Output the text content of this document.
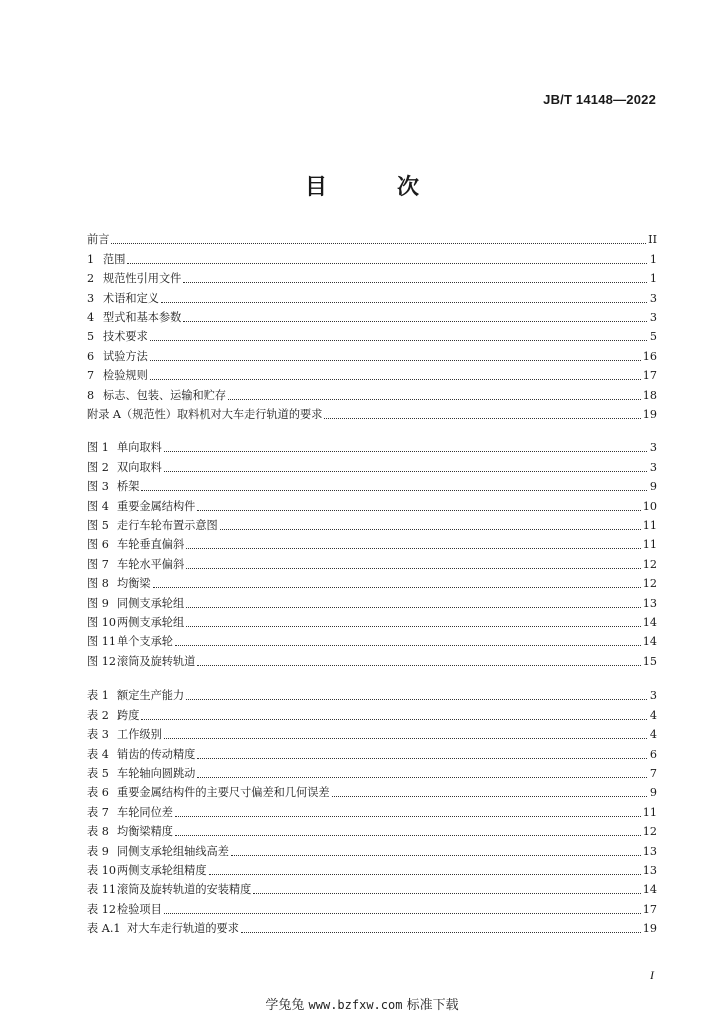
JB/T 14148—2022
目　次
前言	II
1 范围	1
2 规范性引用文件	1
3 术语和定义	3
4 型式和基本参数	3
5 技术要求	5
6 试验方法	16
7 检验规则	17
8 标志、包装、运输和贮存	18
附录 A（规范性）取料机对大车走行轨道的要求	19
图 1 单向取料	3
图 2 双向取料	3
图 3 桥架	9
图 4 重要金属结构件	10
图 5 走行车轮布置示意图	11
图 6 车轮垂直偏斜	11
图 7 车轮水平偏斜	12
图 8 均衡梁	12
图 9 同侧支承轮组	13
图 10 两侧支承轮组	14
图 11 单个支承轮	14
图 12 滚筒及旋转轨道	15
表 1 额定生产能力	3
表 2 跨度	4
表 3 工作级别	4
表 4 销齿的传动精度	6
表 5 车轮轴向圆跳动	7
表 6 重要金属结构件的主要尺寸偏差和几何误差	9
表 7 车轮同位差	11
表 8 均衡梁精度	12
表 9 同侧支承轮组轴线高差	13
表 10 两侧支承轮组精度	13
表 11 滚筒及旋转轨道的安装精度	14
表 12 检验项目	17
表 A.1 对大车走行轨道的要求	19
I
学兔兔 www.bzfxw.com 标准下载
